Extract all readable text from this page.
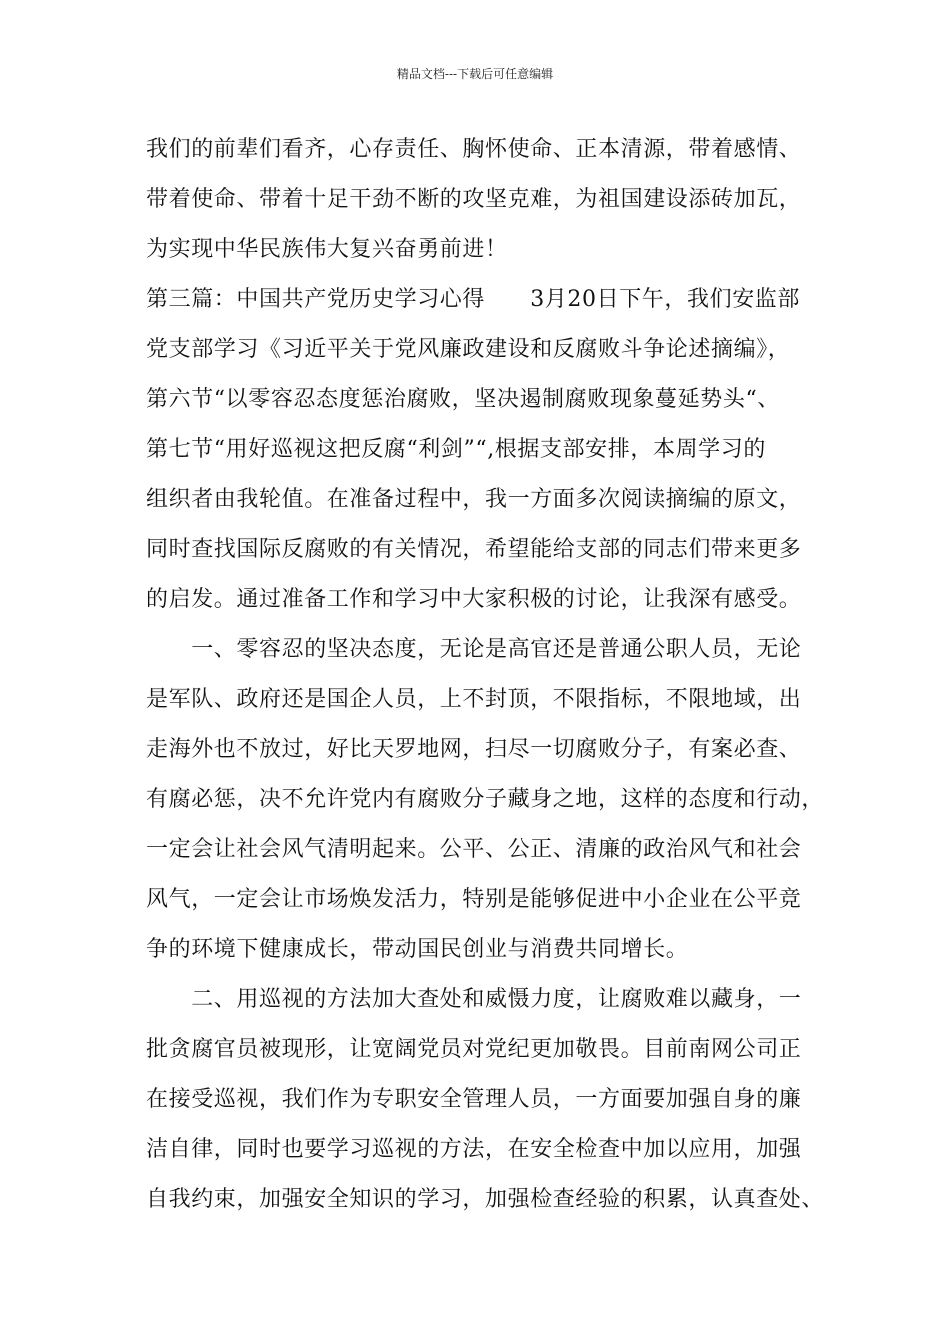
精品文档---下载后可任意编辑
我们的前辈们看齐，心存责任、胸怀使命、正本清源，带着感情、
带着使命、带着十足干劲不断的攻坚克难，为祖国建设添砖加瓦，
为实现中华民族伟大复兴奋勇前进！
第三篇：中国共产党历史学习心得　　3月20日下午，我们安监部
党支部学习《习近平关于党风廉政建设和反腐败斗争论述摘编》，
第六节“以零容忍态度惩治腐败，坚决遏制腐败现象蔓延势头“、
第七节“用好巡视这把反腐“利剑”“,根据支部安排，本周学习的
组织者由我轮值。在准备过程中，我一方面多次阅读摘编的原文，
同时查找国际反腐败的有关情况，希望能给支部的同志们带来更多
的启发。通过准备工作和学习中大家积极的讨论，让我深有感受。
　　一、零容忍的坚决态度，无论是高官还是普通公职人员，无论
是军队、政府还是国企人员，上不封顶，不限指标，不限地域，出
走海外也不放过，好比天罗地网，扫尽一切腐败分子，有案必查、
有腐必惩，决不允许党内有腐败分子藏身之地，这样的态度和行动，
一定会让社会风气清明起来。公平、公正、清廉的政治风气和社会
风气，一定会让市场焕发活力，特别是能够促进中小企业在公平竞
争的环境下健康成长，带动国民创业与消费共同增长。
　　二、用巡视的方法加大查处和威慑力度，让腐败难以藏身，一
批贪腐官员被现形，让宽阔党员对党纪更加敬畏。目前南网公司正
在接受巡视，我们作为专职安全管理人员，一方面要加强自身的廉
洁自律，同时也要学习巡视的方法，在安全检查中加以应用，加强
自我约束，加强安全知识的学习，加强检查经验的积累，认真查处、
